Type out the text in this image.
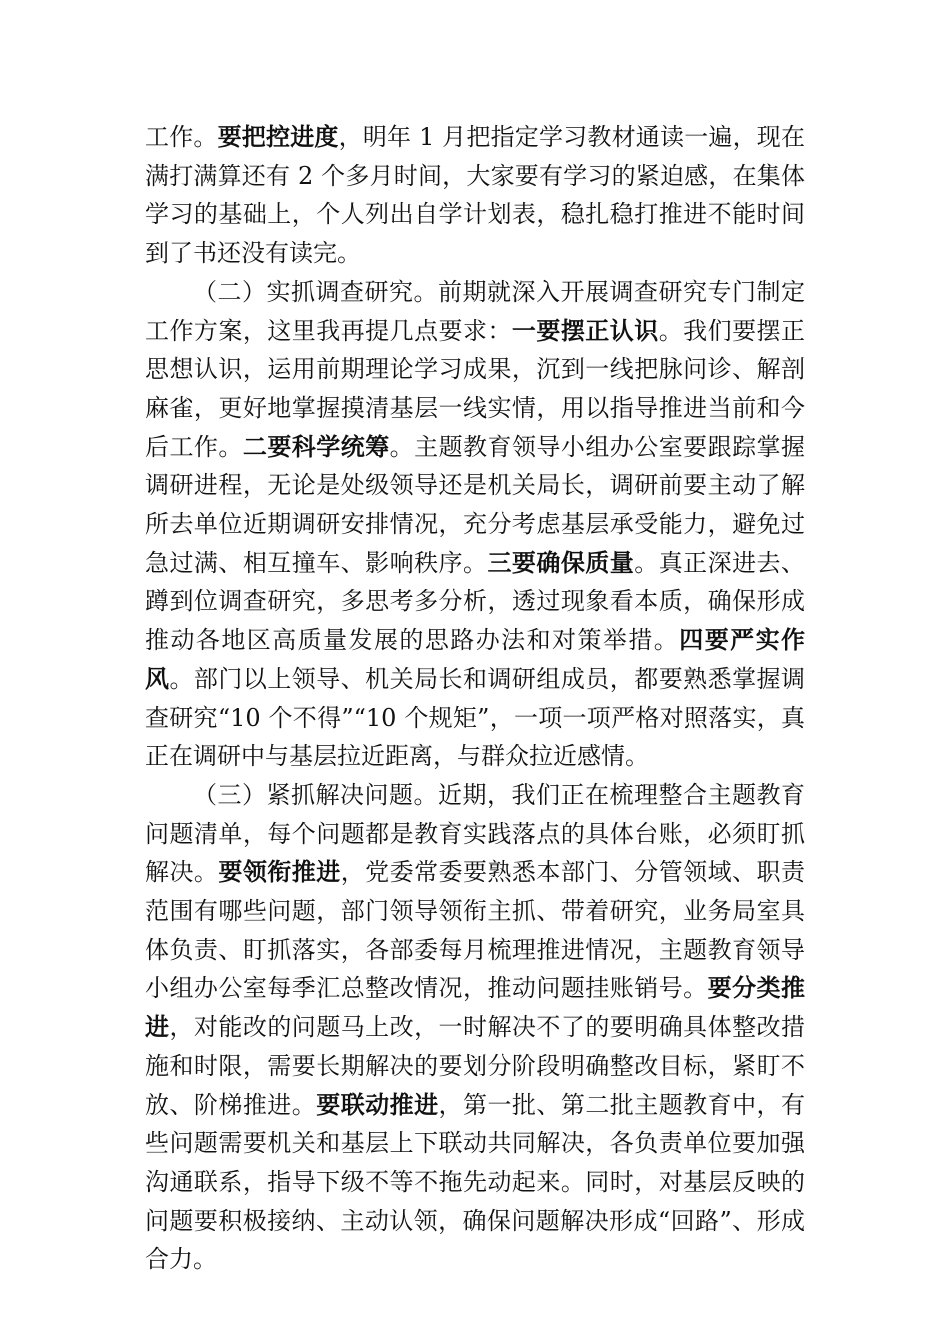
工作。要把控进度，明年 1 月把指定学习教材通读一遍，现在满打满算还有 2 个多月时间，大家要有学习的紧迫感，在集体学习的基础上，个人列出自学计划表，稳扎稳打推进不能时间到了书还没有读完。

（二）实抓调查研究。前期就深入开展调查研究专门制定工作方案，这里我再提几点要求：一要摆正认识。我们要摆正思想认识，运用前期理论学习成果，沉到一线把脉问诊、解剖麻雀，更好地掌握摸清基层一线实情，用以指导推进当前和今后工作。二要科学统筹。主题教育领导小组办公室要跟踪掌握调研进程，无论是处级领导还是机关局长，调研前要主动了解所去单位近期调研安排情况，充分考虑基层承受能力，避免过急过满、相互撞车、影响秩序。三要确保质量。真正深进去、蹲到位调查研究，多思考多分析，透过现象看本质，确保形成推动各地区高质量发展的思路办法和对策举措。四要严实作风。部门以上领导、机关局长和调研组成员，都要熟悉掌握调查研究“10 个不得”“10 个规矩”，一项一项严格对照落实，真正在调研中与基层拉近距离，与群众拉近感情。

（三）紧抓解决问题。近期，我们正在梳理整合主题教育问题清单，每个问题都是教育实践落点的具体台账，必须盯抓解决。要领衔推进，党委常委要熟悉本部门、分管领域、职责范围有哪些问题，部门领导领衔主抓、带着研究，业务局室具体负责、盯抓落实，各部委每月梳理推进情况，主题教育领导小组办公室每季汇总整改情况，推动问题挂账销号。要分类推进，对能改的问题马上改，一时解决不了的要明确具体整改措施和时限，需要长期解决的要划分阶段明确整改目标，紧盯不放、阶梯推进。要联动推进，第一批、第二批主题教育中，有些问题需要机关和基层上下联动共同解决，各负责单位要加强沟通联系，指导下级不等不拖先动起来。同时，对基层反映的问题要积极接纳、主动认领，确保问题解决形成“回路”、形成合力。
